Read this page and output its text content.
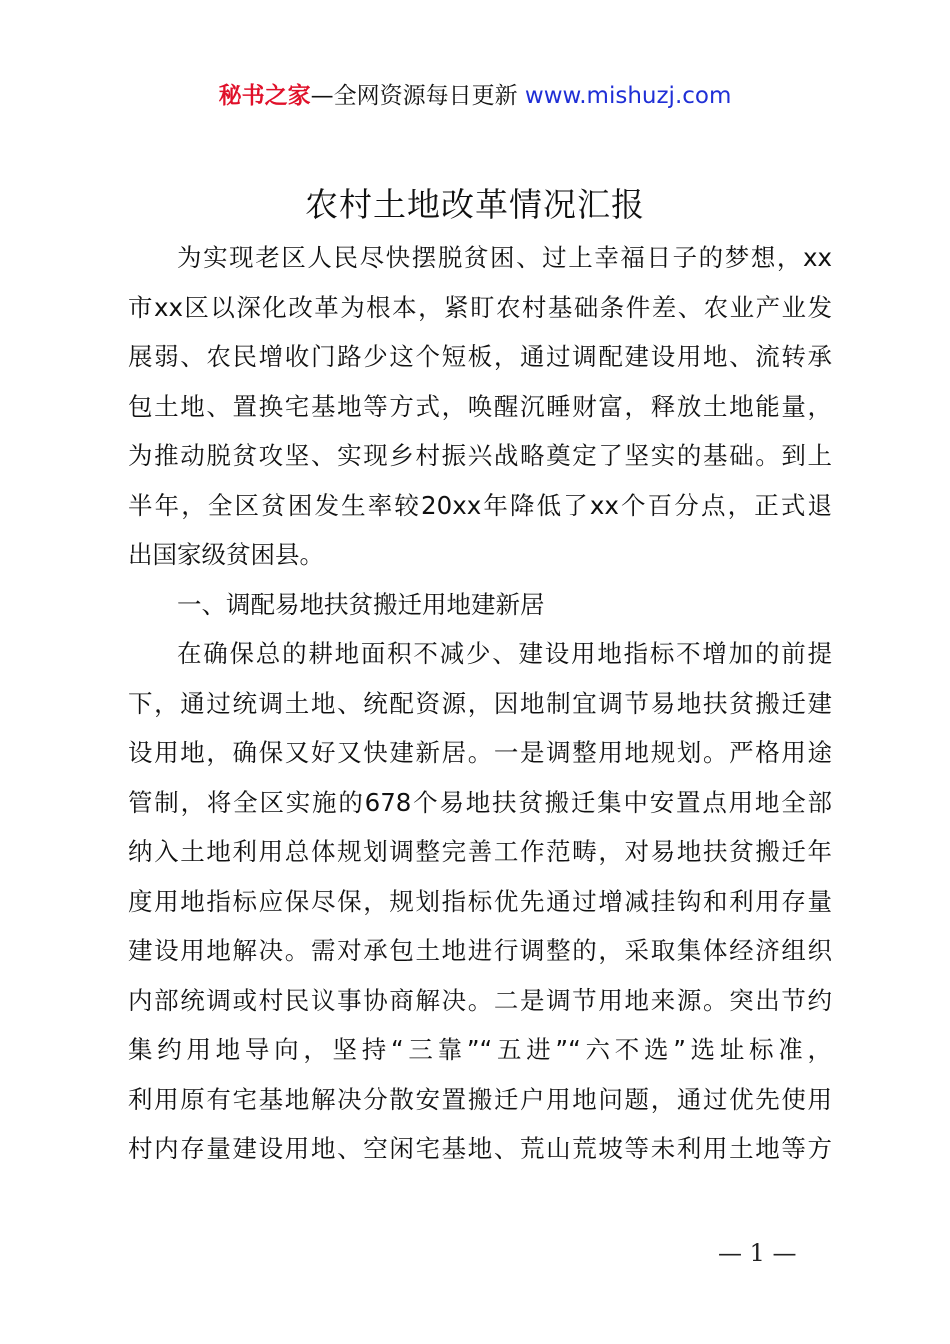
秘书之家—全网资源每日更新 www.mishuzj.com
农村土地改革情况汇报
为实现老区人民尽快摆脱贫困、过上幸福日子的梦想，xx
市xx区以深化改革为根本，紧盯农村基础条件差、农业产业发
展弱、农民增收门路少这个短板，通过调配建设用地、流转承
包土地、置换宅基地等方式，唤醒沉睡财富，释放土地能量，
为推动脱贫攻坚、实现乡村振兴战略奠定了坚实的基础。到上
半年，全区贫困发生率较20xx年降低了xx个百分点，正式退
出国家级贫困县。
一、调配易地扶贫搬迁用地建新居
在确保总的耕地面积不减少、建设用地指标不增加的前提
下，通过统调土地、统配资源，因地制宜调节易地扶贫搬迁建
设用地，确保又好又快建新居。一是调整用地规划。严格用途
管制，将全区实施的678个易地扶贫搬迁集中安置点用地全部
纳入土地利用总体规划调整完善工作范畴，对易地扶贫搬迁年
度用地指标应保尽保，规划指标优先通过增减挂钩和利用存量
建设用地解决。需对承包土地进行调整的，采取集体经济组织
内部统调或村民议事协商解决。二是调节用地来源。突出节约
集约用地导向，坚持“三靠”“五进”“六不选”选址标准，
利用原有宅基地解决分散安置搬迁户用地问题，通过优先使用
村内存量建设用地、空闲宅基地、荒山荒坡等未利用土地等方
— 1 —
